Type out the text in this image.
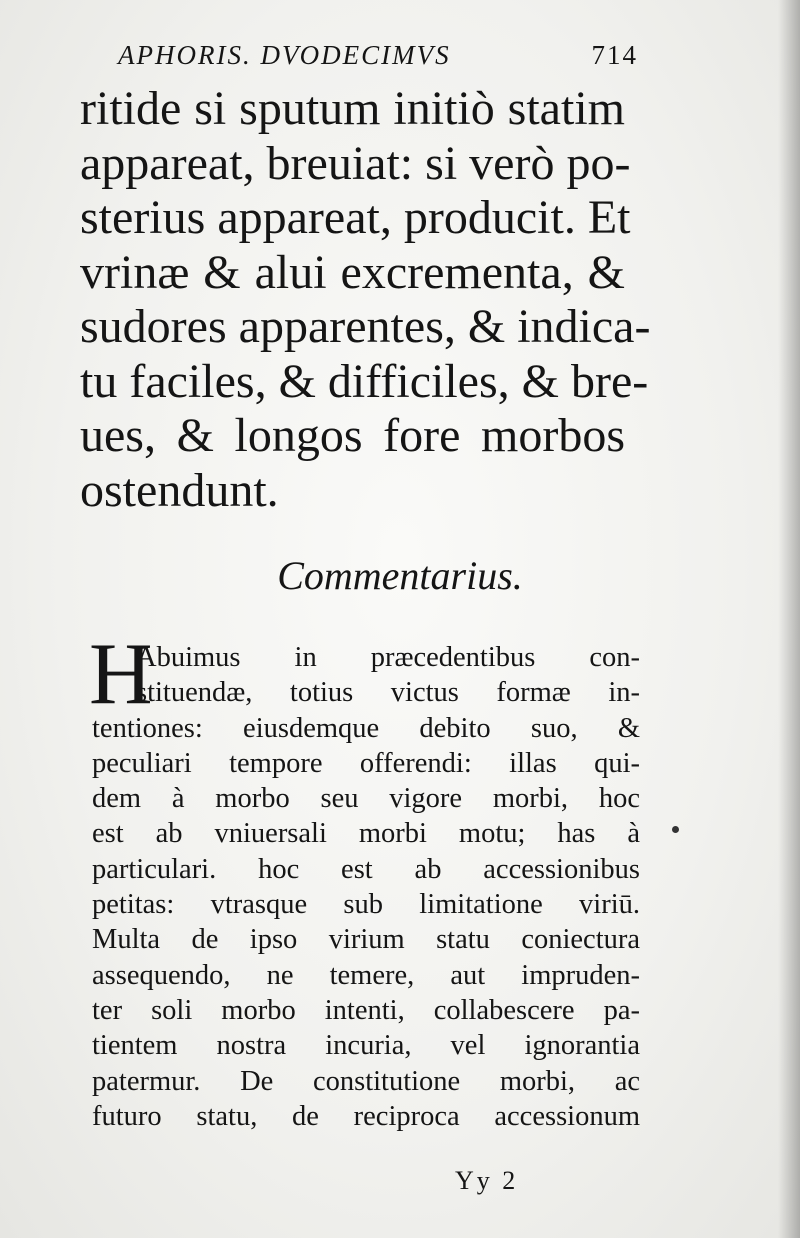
APHORIS. DVODECIMVS	714
ritide si sputum initiò statim
appareat, breuiat: si verò po-
sterius appareat, producit. Et
vrinæ & alui excrementa, &
sudores apparentes, & indica-
tu faciles, & difficiles, & bre-
ues, & longos fore morbos
ostendunt.
Commentarius.
H
Abuimus in præcedentibus con-
stituendæ, totius victus formæ in-
tentiones: eiusdemque debito suo, &
peculiari tempore offerendi: illas qui-
dem à morbo seu vigore morbi, hoc
est ab vniuersali morbi motu; has à
particulari. hoc est ab accessionibus
petitas: vtrasque sub limitatione viriū.
Multa de ipso virium statu coniectura
assequendo, ne temere, aut impruden-
ter soli morbo intenti, collabescere pa-
tientem nostra incuria, vel ignorantia
patermur. De constitutione morbi, ac
futuro statu, de reciproca accessionum
Yy 2
